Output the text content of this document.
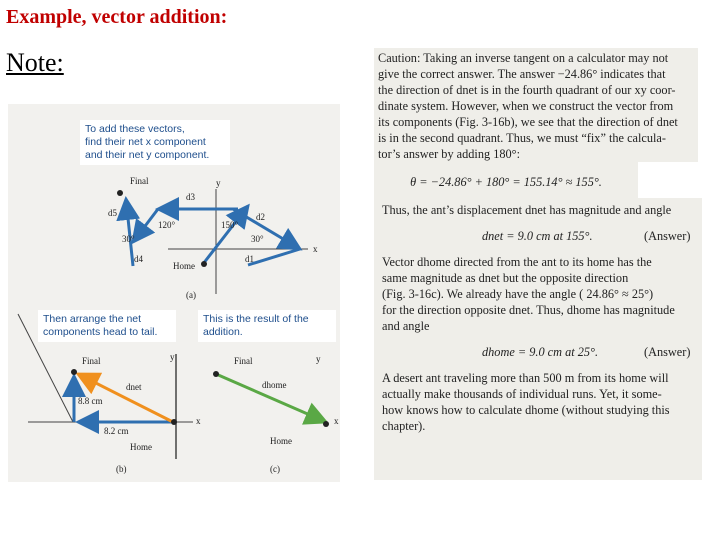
Example, vector addition:
Note:
To add these vectors,
find their net x component
and their net y component.
Then arrange the net
components head to tail.
This is the result of the
addition.
Final	y
x
Home
d3
d2
d1
d5
d4
120°	150°
30°	30°
(a)
Final	y
x
dnet
8.8 cm
8.2 cm
Home
(b)
Final	y
x
dhome
Home
(c)
Caution: Taking an inverse tangent on a calculator may not
give the correct answer. The answer −24.86° indicates that
the direction of dnet is in the fourth quadrant of our xy coor-
dinate system. However, when we construct the vector from
its components (Fig. 3-16b), we see that the direction of dnet
is in the second quadrant. Thus, we must “fix” the calcula-
tor’s answer by adding 180°:
θ = −24.86° + 180° = 155.14° ≈ 155°.
Thus, the ant’s displacement dnet has magnitude and angle
dnet = 9.0 cm at 155°.	(Answer)
Vector dhome directed from the ant to its home has the
same magnitude as dnet but the opposite direction
(Fig. 3-16c). We already have the angle ( 24.86° ≈ 25°)
for the direction opposite dnet. Thus, dhome has magnitude
and angle
dhome = 9.0 cm at 25°.	(Answer)
A desert ant traveling more than 500 m from its home will
actually make thousands of individual runs. Yet, it some-
how knows how to calculate dhome (without studying this
chapter).
